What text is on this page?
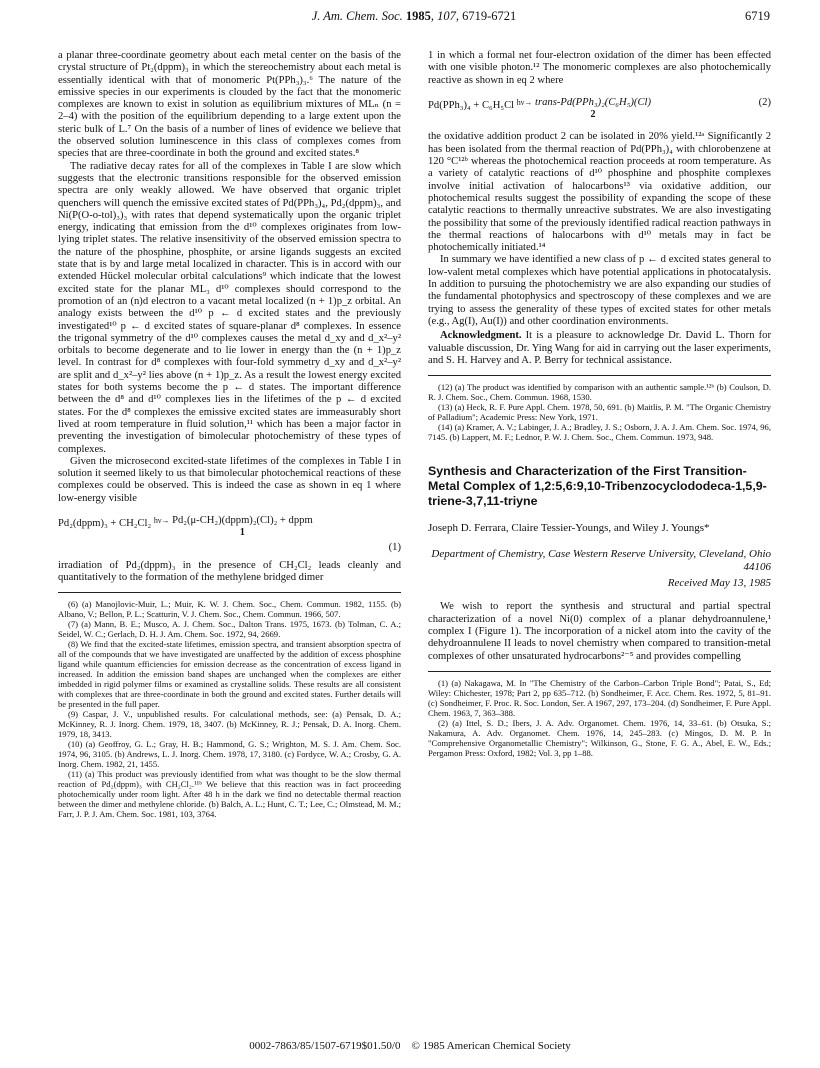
J. Am. Chem. Soc. 1985, 107, 6719-6721	6719

a planar three-coordinate geometry about each metal center on the basis of the crystal structure of Pt₂(dppm)₃ in which the stereochemistry about each metal is essentially identical with that of monomeric Pt(PPh₃)₃.⁶ The nature of the emissive species in our experiments is clouded by the fact that the monomeric complexes are known to exist in solution as equilibrium mixtures of MLₙ (n = 2–4) with the position of the equilibrium depending to a large extent upon the steric bulk of L.⁷ On the basis of a number of lines of evidence we believe that the observed solution luminescence in this class of complexes comes from species that are three-coordinate in both the ground and excited states.⁸

The radiative decay rates for all of the complexes in Table I are slow which suggests that the electronic transitions responsible for the observed emission spectra are only weakly allowed. We have observed that organic triplet quenchers will quench the emissive excited states of Pd(PPh₃)₄, Pd₂(dppm)₃, and Ni(P(O-o-tol)₃)₃ with rates that depend systematically upon the organic triplet energy, indicating that emission from the d¹⁰ complexes originates from low-lying triplet states. The relative insensitivity of the observed emission spectra to the nature of the phosphine, phosphite, or arsine ligands suggests an excited state that is by and large metal localized in character. This is in accord with our extended Hückel molecular orbital calculations⁹ which indicate that the lowest excited state for the planar ML₃ d¹⁰ complexes should correspond to the promotion of an (n)d electron to a vacant metal localized (n + 1)p_z orbital. An analogy exists between the d¹⁰ p ← d excited states and the previously investigated¹⁰ p ← d excited states of square-planar d⁸ complexes. In essence the trigonal symmetry of the d¹⁰ complexes causes the metal d_xy and d_x²–y² orbitals to become degenerate and to lie lower in energy than the (n + 1)p_z level. In contrast for d⁸ complexes with four-fold symmetry d_xy and d_x²–y² are split and d_x²–y² lies above (n + 1)p_z. As a result the lowest energy excited states for both systems become the p ← d states. The important difference between the d⁸ and d¹⁰ complexes lies in the lifetimes of the p ← d excited states. For the d⁸ complexes the emissive excited states are immeasurably short lived at room temperature in fluid solution,¹¹ which has been a major factor in preventing the investigation of bimolecular photochemistry of these types of complexes.

Given the microsecond excited-state lifetimes of the complexes in Table I in solution it seemed likely to us that bimolecular photochemical reactions of these complexes could be observed. This is indeed the case as shown in eq 1 where low-energy visible

Pd₂(dppm)₃ + CH₂Cl₂ hν→ Pd₂(μ-CH₂)(dppm)₂(Cl)₂ + dppm
1
(1)

irradiation of Pd₂(dppm)₃ in the presence of CH₂Cl₂ leads cleanly and quantitatively to the formation of the methylene bridged dimer

(6) (a) Manojlovic-Muir, L.; Muir, K. W. J. Chem. Soc., Chem. Commun. 1982, 1155. (b) Albano, V.; Bellon, P. L.; Scatturin, V. J. Chem. Soc., Chem. Commun. 1966, 507.

(7) (a) Mann, B. E.; Musco, A. J. Chem. Soc., Dalton Trans. 1975, 1673. (b) Tolman, C. A.; Seidel, W. C.; Gerlach, D. H. J. Am. Chem. Soc. 1972, 94, 2669.

(8) We find that the excited-state lifetimes, emission spectra, and transient absorption spectra of all of the compounds that we have investigated are unaffected by the addition of excess phosphine ligand while quantum efficiencies for emission decrease as the concentration of excess ligand in increased. In addition the emission band shapes are unchanged when the complexes are either imbedded in rigid polymer films or examined as crystalline solids. These results are all consistent with complexes that are three-coordinate in both the ground and excited states. Further details will be presented in the full paper.

(9) Caspar, J. V., unpublished results. For calculational methods, see: (a) Pensak, D. A.; McKinney, R. J. Inorg. Chem. 1979, 18, 3407. (b) McKinney, R. J.; Pensak, D. A. Inorg. Chem. 1979, 18, 3413.

(10) (a) Geoffroy, G. L.; Gray, H. B.; Hammond, G. S.; Wrighton, M. S. J. Am. Chem. Soc. 1974, 96, 3105. (b) Andrews, L. J. Inorg. Chem. 1978, 17, 3180. (c) Fordyce, W. A.; Crosby, G. A. Inorg. Chem. 1982, 21, 1455.

(11) (a) This product was previously identified from what was thought to be the slow thermal reaction of Pd₂(dppm)₃ with CH₂Cl₂.¹¹ᵇ We believe that this reaction was in fact proceeding photochemically under room light. After 48 h in the dark we find no detectable thermal reaction between the dimer and methylene chloride. (b) Balch, A. L.; Hunt, C. T.; Lee, C.; Olmstead, M. M.; Farr, J. P. J. Am. Chem. Soc. 1981, 103, 3764.

1 in which a formal net four-electron oxidation of the dimer has been effected with one visible photon.¹² The monomeric complexes are also photochemically reactive as shown in eq 2 where

Pd(PPh₃)₄ + C₆H₅Cl hν→ trans-Pd(PPh₃)₂(C₆H₅)(Cl)
2
(2)

the oxidative addition product 2 can be isolated in 20% yield.¹²ᵃ Significantly 2 has been isolated from the thermal reaction of Pd(PPh₃)₄ with chlorobenzene at 120 °C¹²ᵇ whereas the photochemical reaction proceeds at room temperature. As a variety of catalytic reactions of d¹⁰ phosphine and phosphite complexes involve initial activation of halocarbons¹³ via oxidative addition, our photochemical results suggest the possibility of expanding the scope of these catalytic reactions to thermally unreactive substrates. We are also investigating the possibility that some of the previously identified radical reaction pathways in the thermal reactions of halocarbons with d¹⁰ metals may in fact be photochemically initiated.¹⁴

In summary we have identified a new class of p ← d excited states general to low-valent metal complexes which have potential applications in photocatalysis. In addition to pursuing the photochemistry we are also expanding our studies of the fundamental photophysics and spectroscopy of these complexes and we are trying to assess the generality of these types of excited states for other metals (e.g., Ag(I), Au(I)) and other coordination environments.

Acknowledgment. It is a pleasure to acknowledge Dr. David L. Thorn for valuable discussion, Dr. Ying Wang for aid in carrying out the laser experiments, and S. H. Harvey and A. P. Berry for technical assistance.

(12) (a) The product was identified by comparison with an authentic sample.¹²ᵇ (b) Coulson, D. R. J. Chem. Soc., Chem. Commun. 1968, 1530.

(13) (a) Heck, R. F. Pure Appl. Chem. 1978, 50, 691. (b) Maitlis, P. M. "The Organic Chemistry of Palladium"; Academic Press: New York, 1971.

(14) (a) Kramer, A. V.; Labinger, J. A.; Bradley, J. S.; Osborn, J. A. J. Am. Chem. Soc. 1974, 96, 7145. (b) Lappert, M. F.; Lednor, P. W. J. Chem. Soc., Chem. Commun. 1973, 948.

Synthesis and Characterization of the First Transition-Metal Complex of 1,2:5,6:9,10-Tribenzocyclododeca-1,5,9-triene-3,7,11-triyne
Joseph D. Ferrara, Claire Tessier-Youngs, and Wiley J. Youngs*
Department of Chemistry, Case Western Reserve University, Cleveland, Ohio 44106
Received May 13, 1985

We wish to report the synthesis and structural and partial spectral characterization of a novel Ni(0) complex of a planar dehydroannulene,¹ complex I (Figure 1). The incorporation of a nickel atom into the cavity of the dehydroannulene II leads to novel chemistry when compared to transition-metal complexes of other unsaturated hydrocarbons²⁻⁵ and provides compelling

(1) (a) Nakagawa, M. In "The Chemistry of the Carbon–Carbon Triple Bond"; Patai, S., Ed; Wiley: Chichester, 1978; Part 2, pp 635–712. (b) Sondheimer, F. Acc. Chem. Res. 1972, 5, 81–91. (c) Sondheimer, F. Proc. R. Soc. London, Ser. A 1967, 297, 173–204. (d) Sondheimer, F. Pure Appl. Chem. 1963, 7, 363–388.

(2) (a) Ittel, S. D.; Ibers, J. A. Adv. Organomet. Chem. 1976, 14, 33–61. (b) Otsuka, S.; Nakamura, A. Adv. Organomet. Chem. 1976, 14, 245–283. (c) Mingos, D. M. P. In "Comprehensive Organometallic Chemistry"; Wilkinson, G., Stone, F. G. A., Abel, E. W., Eds.; Pergamon Press: Oxford, 1982; Vol. 3, pp 1–88.

0002-7863/85/1507-6719$01.50/0 © 1985 American Chemical Society
